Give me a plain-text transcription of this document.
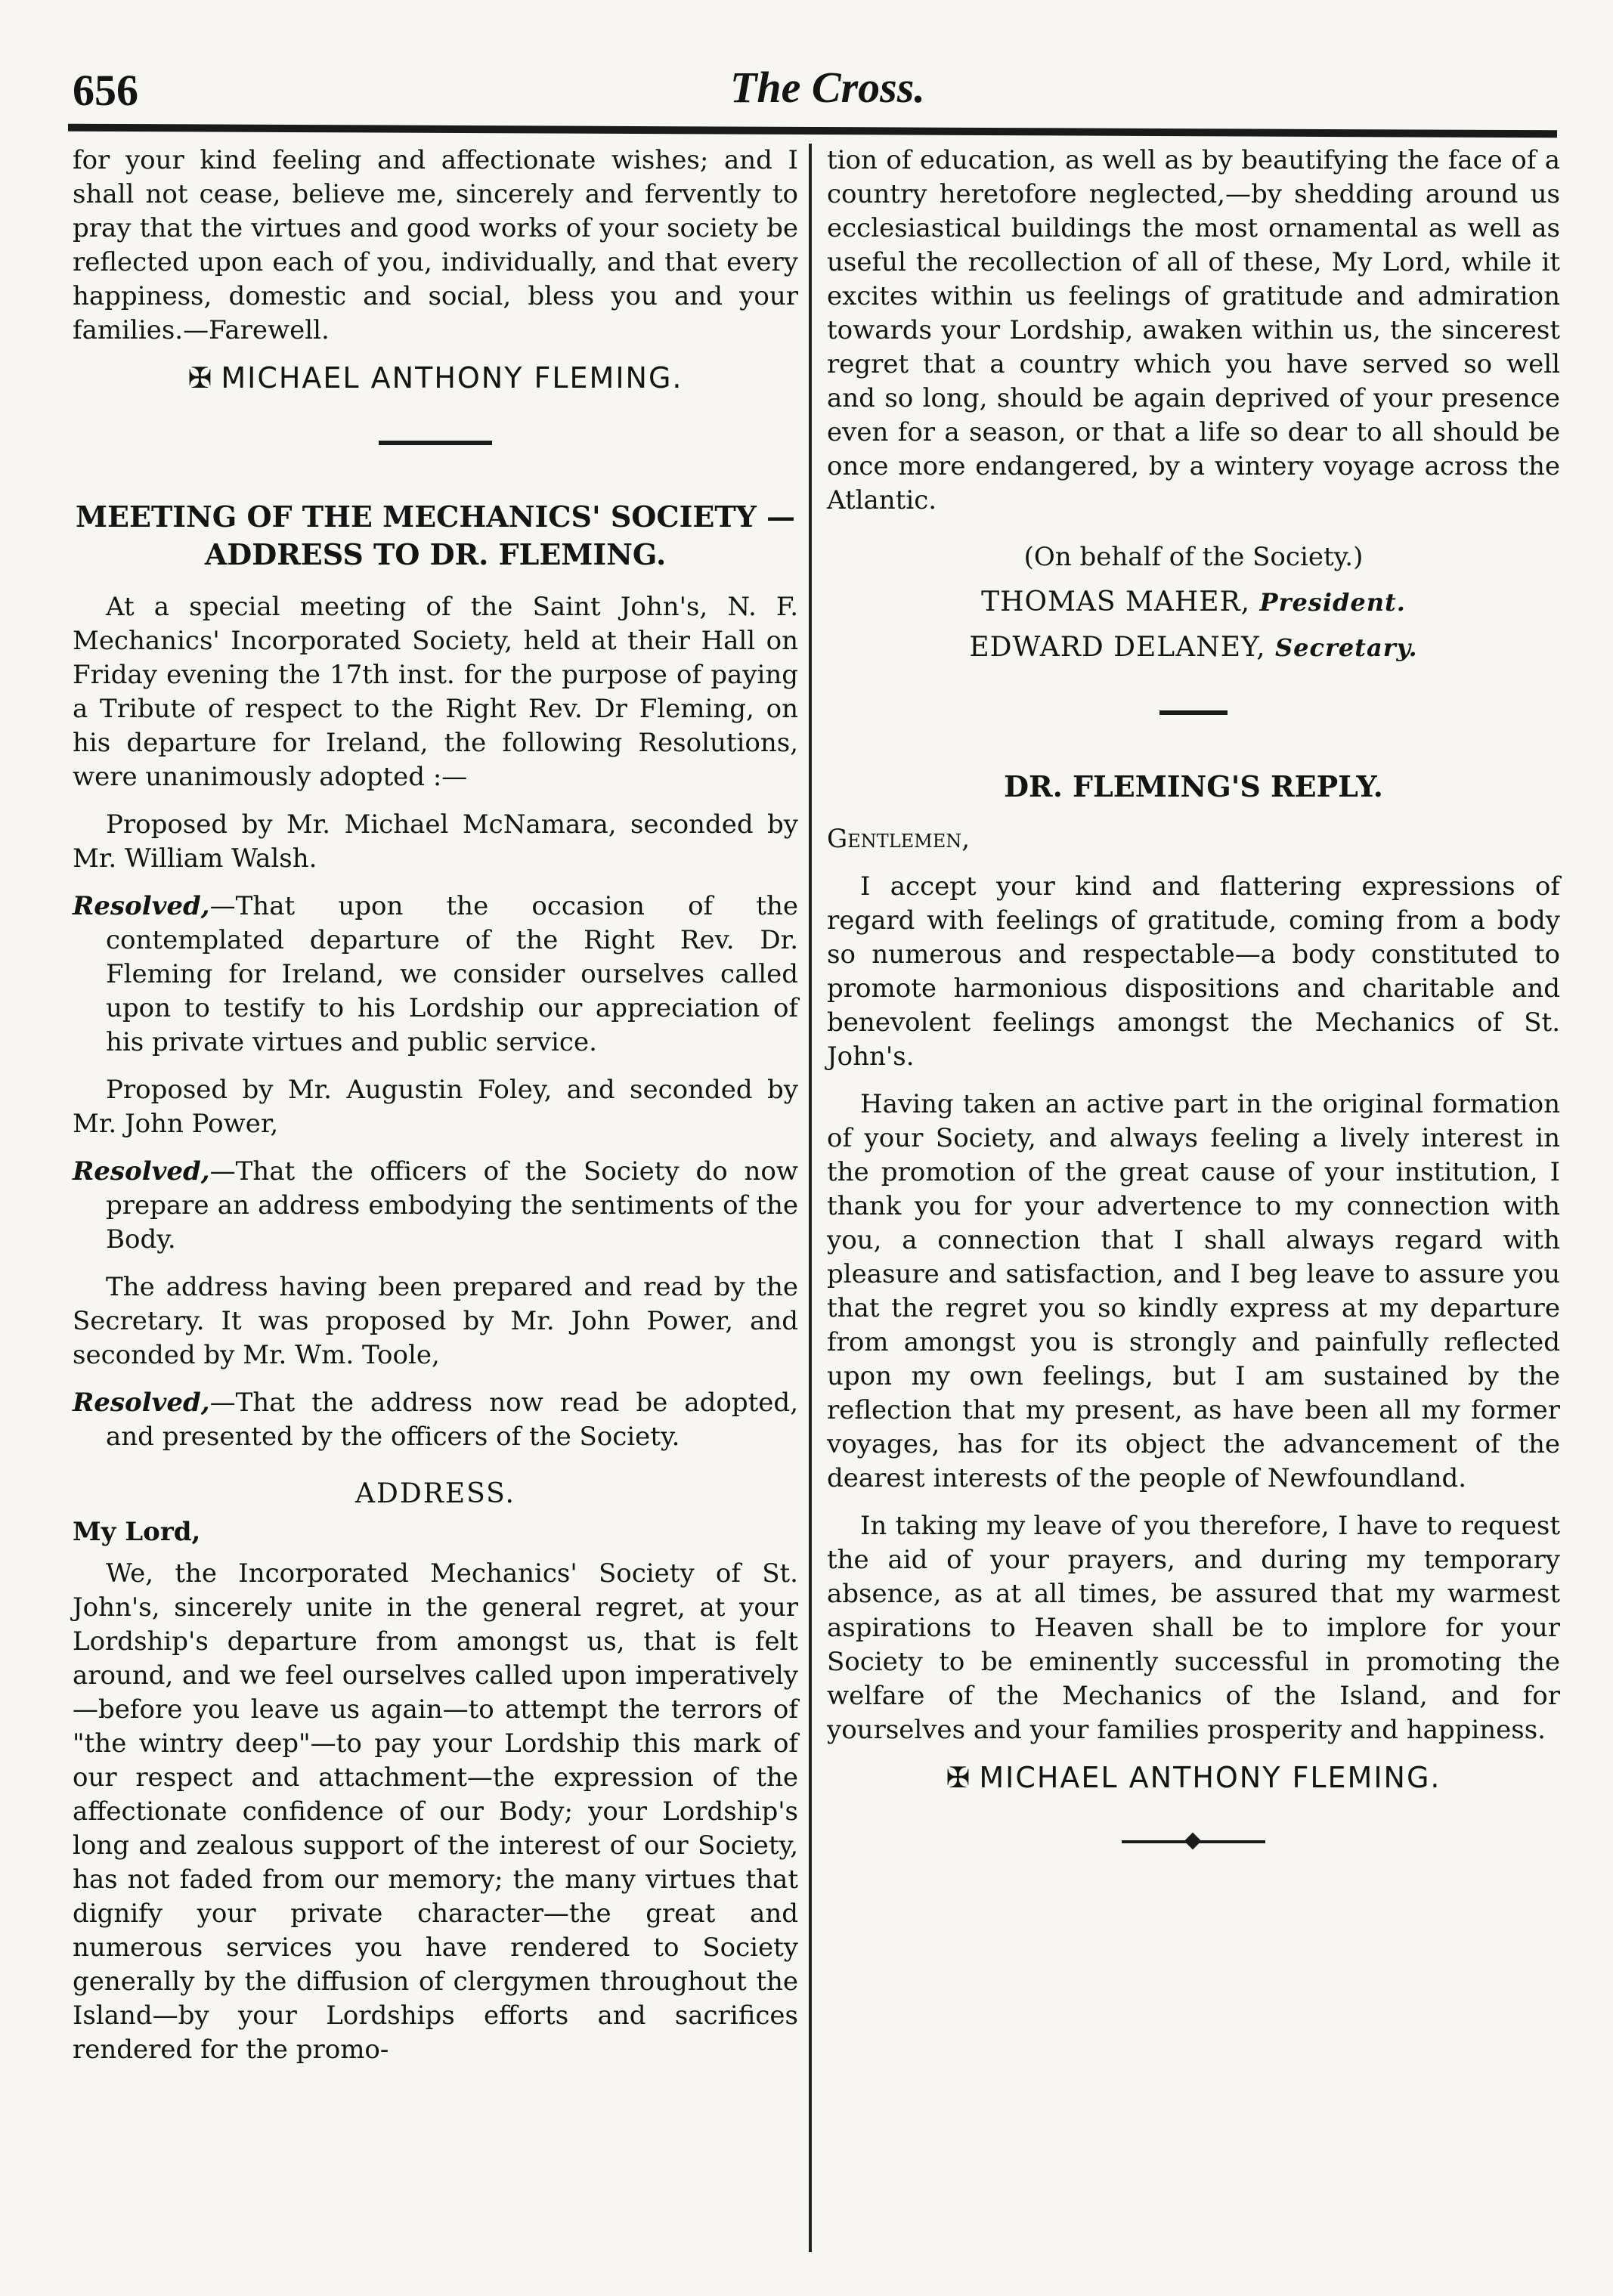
656	The Cross.

for your kind feeling and affectionate wishes; and I shall not cease, believe me, sincerely and fervently to pray that the virtues and good works of your society be reflected upon each of you, individually, and that every happiness, domestic and social, bless you and your families.—Farewell.

✠ MICHAEL ANTHONY FLEMING.

MEETING OF THE MECHANICS' SOCIETY —ADDRESS TO DR. FLEMING.

At a special meeting of the Saint John's, N. F. Mechanics' Incorporated Society, held at their Hall on Friday evening the 17th inst. for the purpose of paying a Tribute of respect to the Right Rev. Dr Fleming, on his departure for Ireland, the following Resolutions, were unanimously adopted :—

Proposed by Mr. Michael McNamara, seconded by Mr. William Walsh.

Resolved,—That upon the occasion of the contemplated departure of the Right Rev. Dr. Fleming for Ireland, we consider ourselves called upon to testify to his Lordship our appreciation of his private virtues and public service.

Proposed by Mr. Augustin Foley, and seconded by Mr. John Power,

Resolved,—That the officers of the Society do now prepare an address embodying the sentiments of the Body.

The address having been prepared and read by the Secretary. It was proposed by Mr. John Power, and seconded by Mr. Wm. Toole,

Resolved,—That the address now read be adopted, and presented by the officers of the Society.

ADDRESS.

My Lord,

We, the Incorporated Mechanics' Society of St. John's, sincerely unite in the general regret, at your Lordship's departure from amongst us, that is felt around, and we feel ourselves called upon imperatively—before you leave us again—to attempt the terrors of "the wintry deep"—to pay your Lordship this mark of our respect and attachment—the expression of the affectionate confidence of our Body; your Lordship's long and zealous support of the interest of our Society, has not faded from our memory; the many virtues that dignify your private character—the great and numerous services you have rendered to Society generally by the diffusion of clergymen throughout the Island—by your Lordships efforts and sacrifices rendered for the promo-

tion of education, as well as by beautifying the face of a country heretofore neglected,—by shedding around us ecclesiastical buildings the most ornamental as well as useful the recollection of all of these, My Lord, while it excites within us feelings of gratitude and admiration towards your Lordship, awaken within us, the sincerest regret that a country which you have served so well and so long, should be again deprived of your presence even for a season, or that a life so dear to all should be once more endangered, by a wintery voyage across the Atlantic.

(On behalf of the Society.)

THOMAS MAHER, President.

EDWARD DELANEY, Secretary.

DR. FLEMING'S REPLY.

Gentlemen,

I accept your kind and flattering expressions of regard with feelings of gratitude, coming from a body so numerous and respectable—a body constituted to promote harmonious dispositions and charitable and benevolent feelings amongst the Mechanics of St. John's.

Having taken an active part in the original formation of your Society, and always feeling a lively interest in the promotion of the great cause of your institution, I thank you for your advertence to my connection with you, a connection that I shall always regard with pleasure and satisfaction, and I beg leave to assure you that the regret you so kindly express at my departure from amongst you is strongly and painfully reflected upon my own feelings, but I am sustained by the reflection that my present, as have been all my former voyages, has for its object the advancement of the dearest interests of the people of Newfoundland.

In taking my leave of you therefore, I have to request the aid of your prayers, and during my temporary absence, as at all times, be assured that my warmest aspirations to Heaven shall be to implore for your Society to be eminently successful in promoting the welfare of the Mechanics of the Island, and for yourselves and your families prosperity and happiness.

✠ MICHAEL ANTHONY FLEMING.
